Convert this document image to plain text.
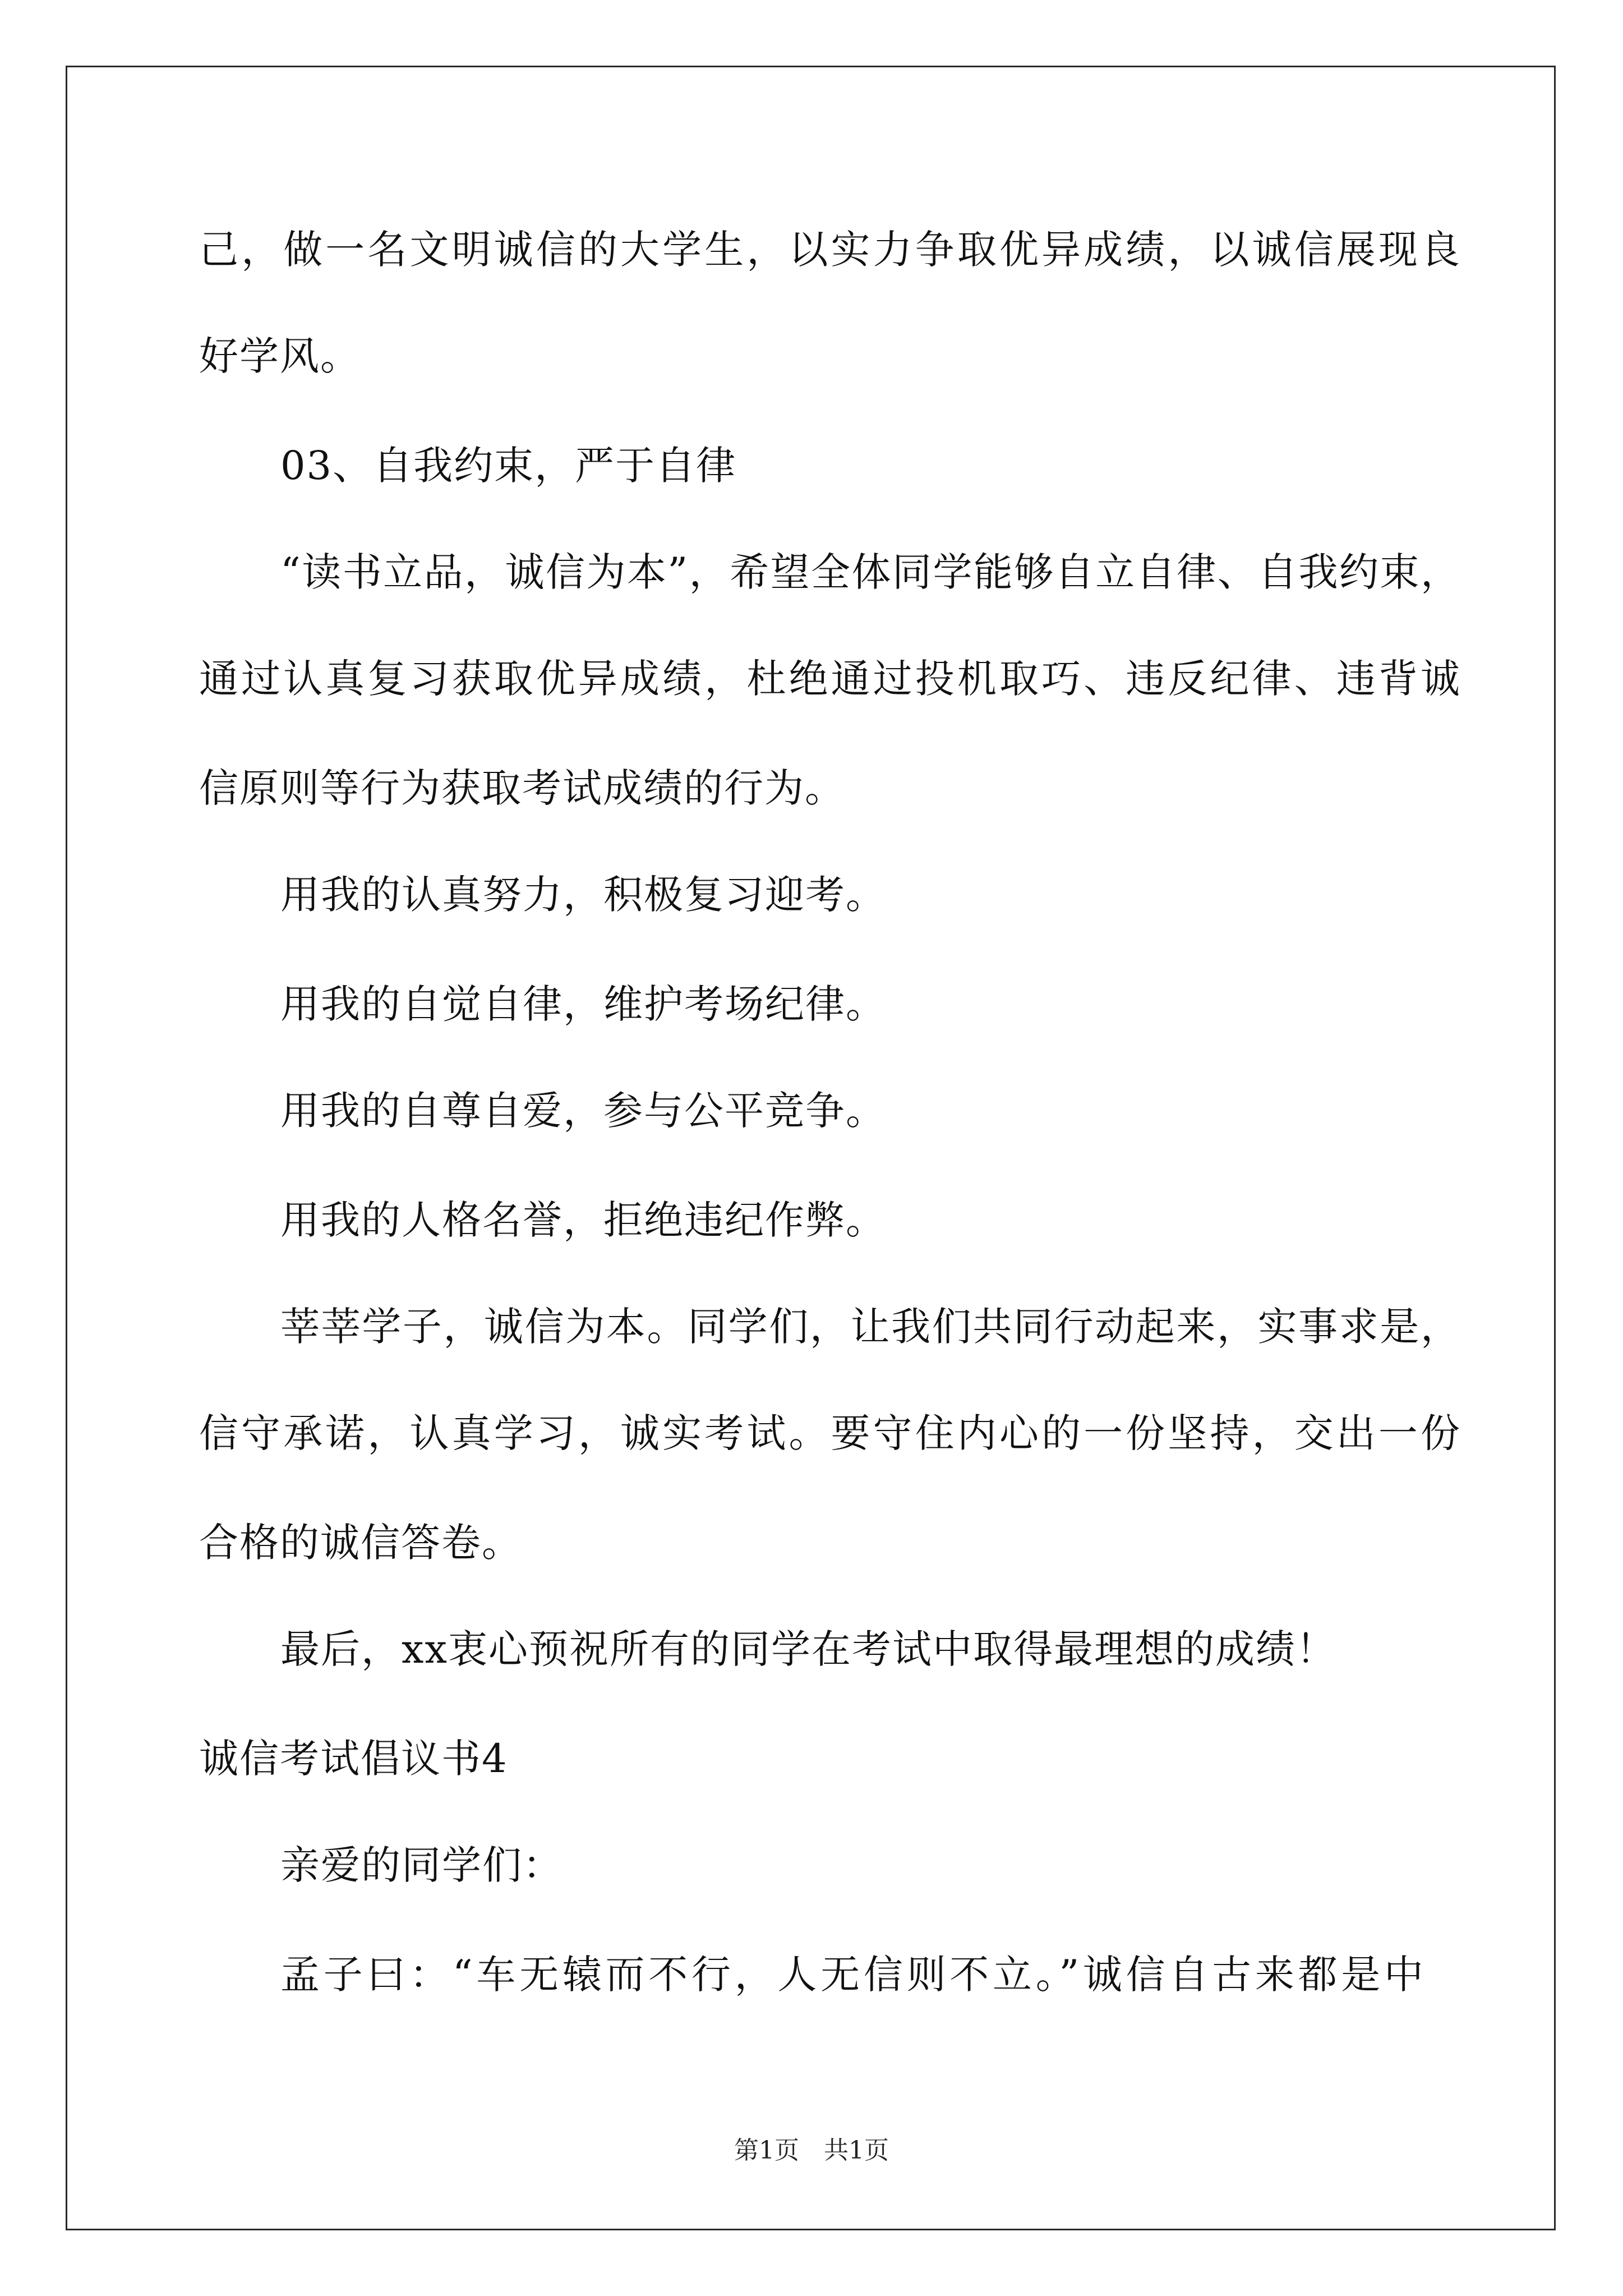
己，做一名文明诚信的大学生，以实力争取优异成绩，以诚信展现良
好学风。
03、自我约束，严于自律
“读书立品，诚信为本”，希望全体同学能够自立自律、自我约束，
通过认真复习获取优异成绩，杜绝通过投机取巧、违反纪律、违背诚
信原则等行为获取考试成绩的行为。
用我的认真努力，积极复习迎考。
用我的自觉自律，维护考场纪律。
用我的自尊自爱，参与公平竞争。
用我的人格名誉，拒绝违纪作弊。
莘莘学子，诚信为本。同学们，让我们共同行动起来，实事求是，
信守承诺，认真学习，诚实考试。要守住内心的一份坚持，交出一份
合格的诚信答卷。
最后，xx衷心预祝所有的同学在考试中取得最理想的成绩！
诚信考试倡议书4
亲爱的同学们：
孟子曰：“车无辕而不行，人无信则不立。”诚信自古来都是中
第1页　共1页
